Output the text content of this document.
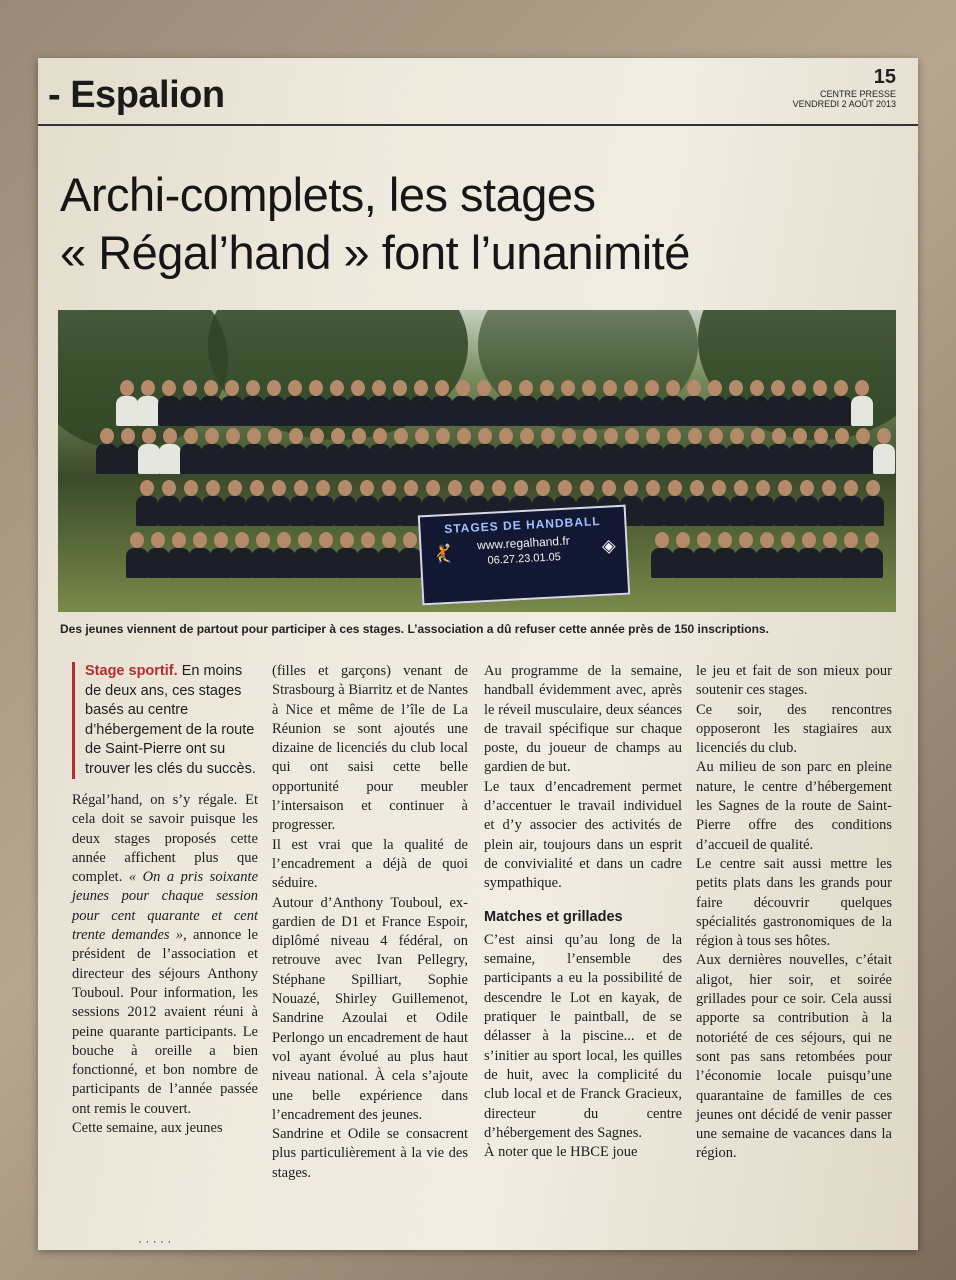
- Espalion	15
CENTRE PRESSE
VENDREDI 2 AOÛT 2013
Archi-complets, les stages
« Régal’hand » font l’unanimité
STAGES DE HANDBALL
www.regalhand.fr
06.27.23.01.05
🤾	◈
Des jeunes viennent de partout pour participer à ces stages. L’association a dû refuser cette année près de 150 inscriptions.
Stage sportif. En moins de deux ans, ces stages basés au centre d’hébergement de la route de Saint-Pierre ont su trouver les clés du succès.

Régal’hand, on s’y régale. Et cela doit se savoir puisque les deux stages proposés cette année affichent plus que complet. « On a pris soixante jeunes pour chaque session pour cent quarante et cent trente demandes », annonce le président de l’association et directeur des séjours Anthony Touboul. Pour information, les sessions 2012 avaient réuni à peine quarante participants. Le bouche à oreille a bien fonctionné, et bon nombre de participants de l’année passée ont remis le couvert.

Cette semaine, aux jeunes

(filles et garçons) venant de Strasbourg à Biarritz et de Nantes à Nice et même de l’île de La Réunion se sont ajoutés une dizaine de licenciés du club local qui ont saisi cette belle opportunité pour meubler l’intersaison et continuer à progresser.

Il est vrai que la qualité de l’encadrement a déjà de quoi séduire.

Autour d’Anthony Touboul, ex-gardien de D1 et France Espoir, diplômé niveau 4 fédéral, on retrouve avec Ivan Pellegry, Stéphane Spilliart, Sophie Nouazé, Shirley Guillemenot, Sandrine Azoulai et Odile Perlongo un encadrement de haut vol ayant évolué au plus haut niveau national. À cela s’ajoute une belle expérience dans l’encadrement des jeunes.

Sandrine et Odile se consacrent plus particulièrement à la vie des stages.

Au programme de la semaine, handball évidemment avec, après le réveil musculaire, deux séances de travail spécifique sur chaque poste, du joueur de champs au gardien de but.

Le taux d’encadrement permet d’accentuer le travail individuel et d’y associer des activités de plein air, toujours dans un esprit de convivialité et dans un cadre sympathique.

Matches et grillades

C’est ainsi qu’au long de la semaine, l’ensemble des participants a eu la possibilité de descendre le Lot en kayak, de pratiquer le paintball, de se délasser à la piscine... et de s’initier au sport local, les quilles de huit, avec la complicité du club local et de Franck Gracieux, directeur du centre d’hébergement des Sagnes.

À noter que le HBCE joue

le jeu et fait de son mieux pour soutenir ces stages.

Ce soir, des rencontres opposeront les stagiaires aux licenciés du club.

Au milieu de son parc en pleine nature, le centre d’hébergement les Sagnes de la route de Saint-Pierre offre des conditions d’accueil de qualité.

Le centre sait aussi mettre les petits plats dans les grands pour faire découvrir quelques spécialités gastronomiques de la région à tous ses hôtes.

Aux dernières nouvelles, c’était aligot, hier soir, et soirée grillades pour ce soir. Cela aussi apporte sa contribution à la notoriété de ces séjours, qui ne sont pas sans retombées pour l’économie locale puisqu’une quarantaine de familles de ces jeunes ont décidé de venir passer une semaine de vacances dans la région.

· · · · ·
